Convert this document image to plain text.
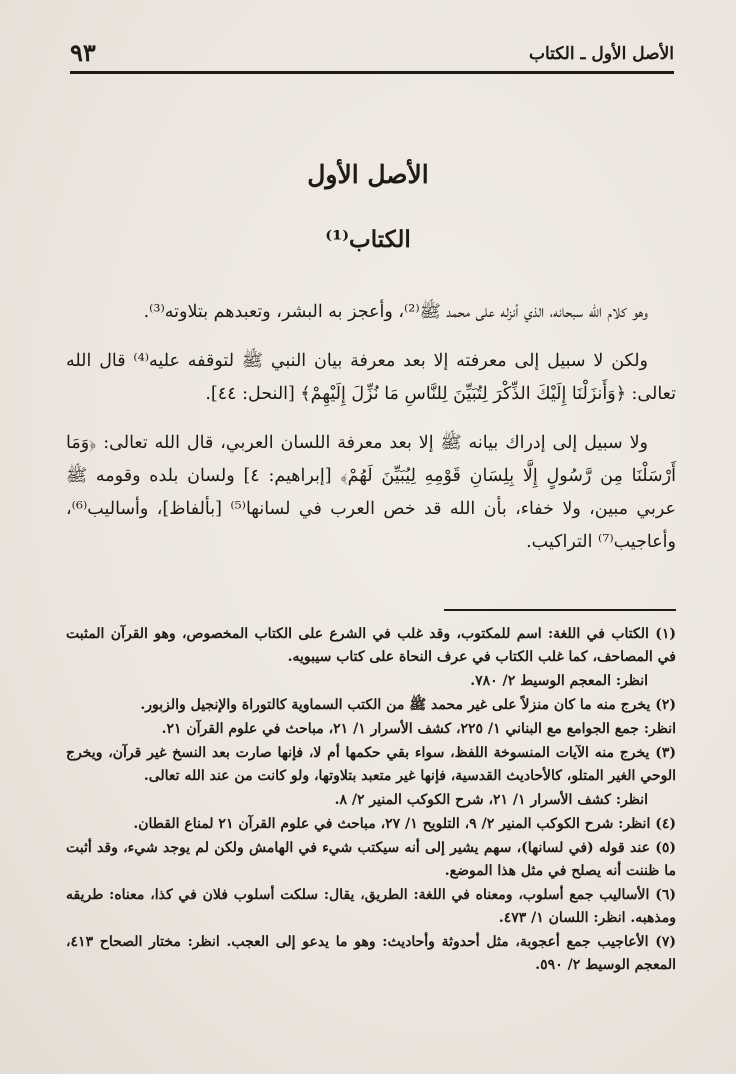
الأصل الأول ـ الكتاب
٩٣
الأصل الأول
الكتاب⁽¹⁾

وهو كلام الله سبحانه، الذي أنزله على محمد ﷺ⁽²⁾، وأعجز به البشر، وتعبدهم بتلاوته⁽³⁾.

ولكن لا سبيل إلى معرفته إلا بعد معرفة بيان النبي ﷺ لتوقفه عليه⁽⁴⁾ قال الله تعالى: ﴿وَأَنزَلْنَا إِلَيْكَ الذِّكْرَ لِتُبَيِّنَ لِلنَّاسِ مَا نُزِّلَ إِلَيْهِمْ﴾ [النحل: ٤٤].

ولا سبيل إلى إدراك بيانه ﷺ إلا بعد معرفة اللسان العربي، قال الله تعالى: ﴿وَمَا أَرْسَلْنَا مِن رَّسُولٍ إِلَّا بِلِسَانِ قَوْمِهِ لِيُبَيِّنَ لَهُمْ﴾ [إبراهيم: ٤] ولسان بلده وقومه ﷺ عربي مبين، ولا خفاء، بأن الله قد خص العرب في لسانها⁽⁵⁾ [بألفاظ]، وأساليب⁽⁶⁾، وأعاجيب⁽⁷⁾ التراكيب.

(١) الكتاب في اللغة: اسم للمكتوب، وقد غلب في الشرع على الكتاب المخصوص، وهو القرآن المثبت في المصاحف، كما غلب الكتاب في عرف النحاة على كتاب سيبويه.
انظر: المعجم الوسيط ٢/ ٧٨٠.
(٢) يخرج منه ما كان منزلاً على غير محمد ﷺ من الكتب السماوية كالتوراة والإنجيل والزبور.
انظر: جمع الجوامع مع البناني ١/ ٢٢٥، كشف الأسرار ١/ ٢١، مباحث في علوم القرآن ٢١.
(٣) يخرج منه الآيات المنسوخة اللفظ، سواء بقي حكمها أم لا، فإنها صارت بعد النسخ غير قرآن، ويخرج الوحي الغير المتلو، كالأحاديث القدسية، فإنها غير متعبد بتلاوتها، ولو كانت من عند الله تعالى.
انظر: كشف الأسرار ١/ ٢١، شرح الكوكب المنير ٢/ ٨.
(٤) انظر: شرح الكوكب المنير ٢/ ٩، التلويح ١/ ٢٧، مباحث في علوم القرآن ٢١ لمناع القطان.
(٥) عند قوله (في لسانها)، سهم يشير إلى أنه سيكتب شيء في الهامش ولكن لم يوجد شيء، وقد أثبت ما ظننت أنه يصلح في مثل هذا الموضع.
(٦) الأساليب جمع أسلوب، ومعناه في اللغة: الطريق، يقال: سلكت أسلوب فلان في كذا، معناه: طريقه ومذهبه. انظر: اللسان ١/ ٤٧٣.
(٧) الأعاجيب جمع أعجوبة، مثل أحدوثة وأحاديث: وهو ما يدعو إلى العجب. انظر: مختار الصحاح ٤١٣، المعجم الوسيط ٢/ ٥٩٠.
